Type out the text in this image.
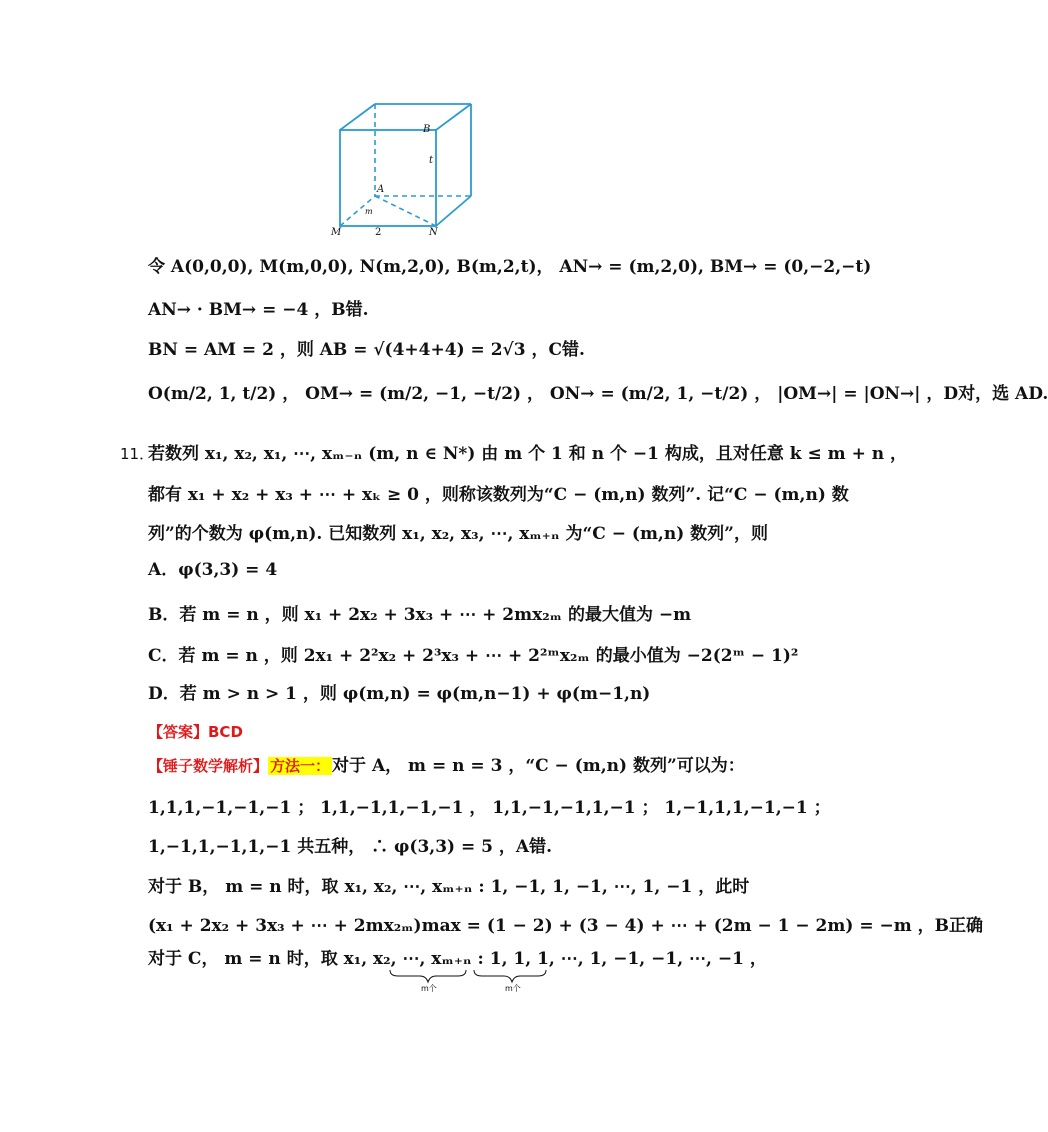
B
t
A
m
M	2	N
令 A(0,0,0), M(m,0,0), N(m,2,0), B(m,2,t)， AN→ = (m,2,0), BM→ = (0,−2,−t)
AN→ · BM→ = −4 ，B错.
BN = AM = 2 ，则 AB = √(4+4+4) = 2√3 ，C错.
O(m/2, 1, t/2) ， OM→ = (m/2, −1, −t/2) ， ON→ = (m/2, 1, −t/2) ， |OM→| = |ON→| ，D对，选 AD.
11．
若数列 x₁, x₂, x₁, ⋯, xₘ₋ₙ (m, n ∈ N*) 由 m 个 1 和 n 个 −1 构成，且对任意 k ≤ m + n ，
都有 x₁ + x₂ + x₃ + ⋯ + xₖ ≥ 0 ，则称该数列为“C − (m,n) 数列”. 记“C − (m,n) 数
列”的个数为 φ(m,n). 已知数列 x₁, x₂, x₃, ⋯, xₘ₊ₙ 为“C − (m,n) 数列”，则
A．φ(3,3) = 4
B．若 m = n ，则 x₁ + 2x₂ + 3x₃ + ⋯ + 2mx₂ₘ 的最大值为 −m
C．若 m = n ，则 2x₁ + 2²x₂ + 2³x₃ + ⋯ + 2²ᵐx₂ₘ 的最小值为 −2(2ᵐ − 1)²
D．若 m > n > 1 ，则 φ(m,n) = φ(m,n−1) + φ(m−1,n)
【答案】BCD
【锤子数学解析】 方法一： 对于 A， m = n = 3 ，“C − (m,n) 数列”可以为：
1,1,1,−1,−1,−1 ； 1,1,−1,1,−1,−1 ， 1,1,−1,−1,1,−1 ； 1,−1,1,1,−1,−1 ；
1,−1,1,−1,1,−1 共五种， ∴ φ(3,3) = 5 ，A错.
对于 B， m = n 时，取 x₁, x₂, ⋯, xₘ₊ₙ : 1, −1, 1, −1, ⋯, 1, −1 ，此时
(x₁ + 2x₂ + 3x₃ + ⋯ + 2mx₂ₘ)max = (1 − 2) + (3 − 4) + ⋯ + (2m − 1 − 2m) = −m ，B正确
对于 C， m = n 时，取 x₁, x₂, ⋯, xₘ₊ₙ : 1, 1, 1, ⋯, 1, −1, −1, ⋯, −1 ，
m个	m个
